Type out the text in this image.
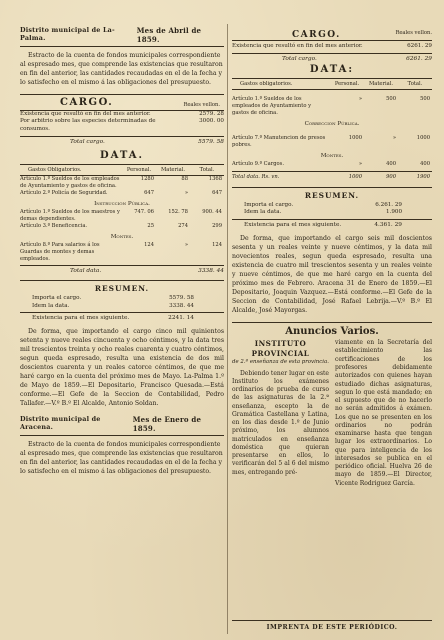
Distrito municipal de La-Palma.
Mes de Abril de 1859.
Estracto de la cuenta de fondos municipales correspondiente al espresado mes, que comprende las existencias que resultaron en fin del anterior, las cantidades recaudadas en el de la fecha y lo satisfecho en el mismo á las obligaciones del presupuesto.
CARGO.	Reales vellon.
Existencia que resultó en fin del mes anterior.	2579. 28
Por arbitrio sobre las especies determinadas de consumos.
3000. 00
Total cargo.	5579. 58
DATA.
Gastos Obligatorios.	Personal.	Material.	Total.
Artículo 1.º Sueldos de los empleados de Ayuntamiento y gastos de oficina.
1280	88	1368
Artículo 2.º Policía de Seguridad.	647	»	647
Instruccion Pública.
Artículo 1.º Sueldos de los maestros y demas dependientes.
747. 06	152. 78	900. 44
Artículo 3.º Beneficencia.	25	274	299
Montes.
Artículo 8.º Para salarios á los Guardas de montes y demas empleados.
124	»	124
Total data.	3338. 44
RESUMEN.
Importa el cargo.	5579. 58
Idem la data.	3338. 44
Existencia para el mes siguiente.	2241. 14
De forma, que importando el cargo cinco mil quinientos setenta y nueve reales cincuenta y ocho céntimos, y la data tres mil trescientos treinta y ocho reales cuarenta y cuatro céntimos, segun queda espresado, resulta una existencia de dos mil doscientos cuarenta y un reales catorce céntimos, de que me haré cargo en la cuenta del próximo mes de Mayo. La-Palma 1.º de Mayo de 1859.—El Depositario, Francisco Quesada.—Está conforme.—El Gefe de la Seccion de Contabilidad, Pedro Tallafer.—V.º B.º El Alcalde, Antonio Soldan.
Distrito municipal de Aracena.
Mes de Enero de 1859.
Estracto de la cuenta de fondos municipales correspondiente al espresado mes, que comprende las existencias que resultaron en fin del anterior, las cantidades recaudadas en el de la fecha y lo satisfecho en el mismo á las obligaciones del presupuesto.
CARGO.	Reales vellon.
Existencia que resultó en fin del mes anterior.	6261. 29
Total cargo.	6261. 29
DATA:
Gastos obligatorios.	Personal.	Material.	Total.
Artículo 1.º Sueldos de los empleados de Ayuntamiento y gastos de oficina.
»	500	500
Correccion Pública.
Artículo 7.º Manutencion de presos pobres.
1000	»	1000
Montes.
Artículo 9.º Cargos.	»	400	400
Total data. Rs. vn.	1000	900	1900
RESUMEN.
Importa el cargo.	6.261. 29
Idem la data.	1.900
Existencia para el mes siguiente.	4.361. 29
De forma, que importando el cargo seis mil doscientos sesenta y un reales veinte y nueve céntimos, y la data mil novecientos reales, segun queda espresado, resulta una existencia de cuatro mil trescientos sesenta y un reales veinte y nueve céntimos, de que me haré cargo en la cuenta del próximo mes de Febrero. Aracena 31 de Enero de 1859.—El Depositario, Joaquin Vazquez.—Está conforme.—El Gefe de la Seccion de Contabilidad, José Rafael Lebrija.—V.º B.º El Alcalde, José Mayorgas.
Anuncios Varios.
INSTITUTO PROVINCIAL
de 2.ª enseñanza de esta provincia.
Debiendo tener lugar en este Instituto los exámenes ordinarios de prueba de curso de las asignaturas de la 2.ª enseñanza, escepto la de Gramática Castellana y Latina, en los dias desde 1.º de Junio próximo, los alumnos matriculados en enseñanza doméstica que quieran presentarse en ellos, lo verificarán del 5 al 6 del mismo mes, entregando pré-
viamente en la Secretaría del establecimiento las certificaciones de los profesores debidamente autorizados con quienes hayan estudiado dichas asignaturas, segun lo que está mandado; en el supuesto que de no hacerlo no serán admitidos á exámen. Los que no se presenten en los ordinarios no podrán examinarse hasta que tengan lugar los extraordinarios. Lo que para inteligencia de los interesados se publica en el periódico oficial. Huelva 26 de mayo de 1859.—El Director, Vicente Rodriguez García.
IMPRENTA DE ESTE PERIÓDICO.
